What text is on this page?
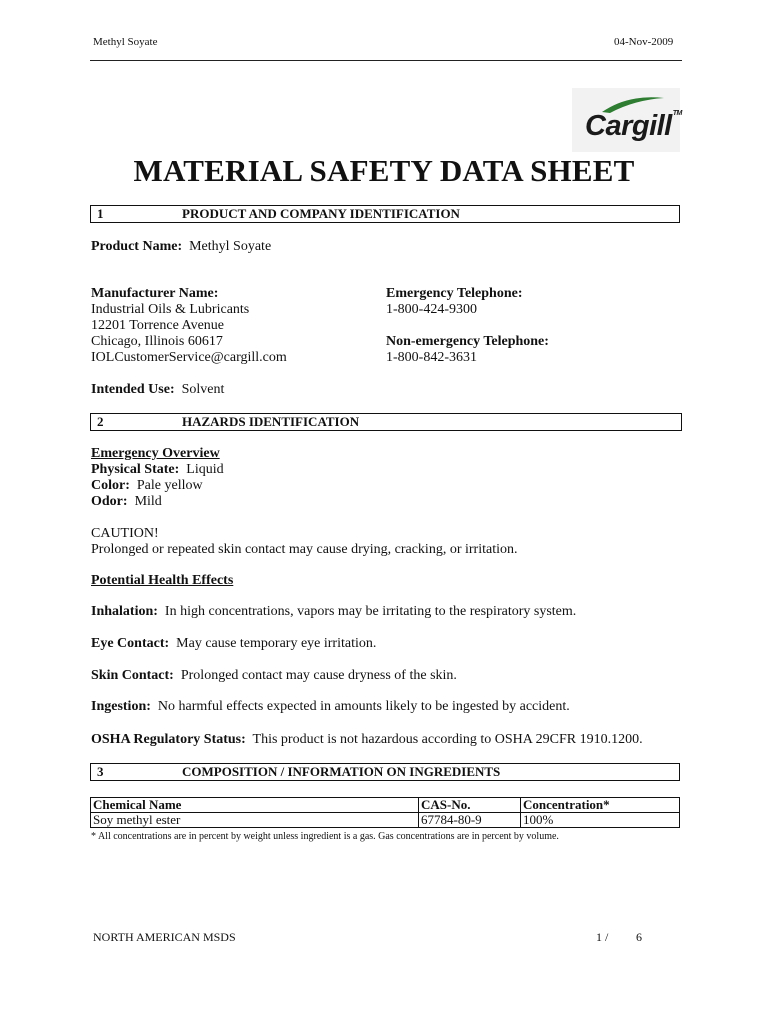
Methyl Soyate	04-Nov-2009
Cargill™
MATERIAL SAFETY DATA SHEET
1	PRODUCT AND COMPANY IDENTIFICATION
Product Name: Methyl Soyate
Manufacturer Name:
Industrial Oils & Lubricants
12201 Torrence Avenue
Chicago, Illinois 60617
IOLCustomerService@cargill.com
Emergency Telephone:
1-800-424-9300
Non-emergency Telephone:
1-800-842-3631
Intended Use: Solvent
2	HAZARDS IDENTIFICATION
Emergency Overview
Physical State: Liquid
Color: Pale yellow
Odor: Mild
CAUTION!
Prolonged or repeated skin contact may cause drying, cracking, or irritation.
Potential Health Effects
Inhalation: In high concentrations, vapors may be irritating to the respiratory system.
Eye Contact: May cause temporary eye irritation.
Skin Contact: Prolonged contact may cause dryness of the skin.
Ingestion: No harmful effects expected in amounts likely to be ingested by accident.
OSHA Regulatory Status: This product is not hazardous according to OSHA 29CFR 1910.1200.
3	COMPOSITION / INFORMATION ON INGREDIENTS
Chemical Name	CAS-No.	Concentration*
Soy methyl ester	67784-80-9	100%
* All concentrations are in percent by weight unless ingredient is a gas. Gas concentrations are in percent by volume.
NORTH AMERICAN MSDS	1 / 6
